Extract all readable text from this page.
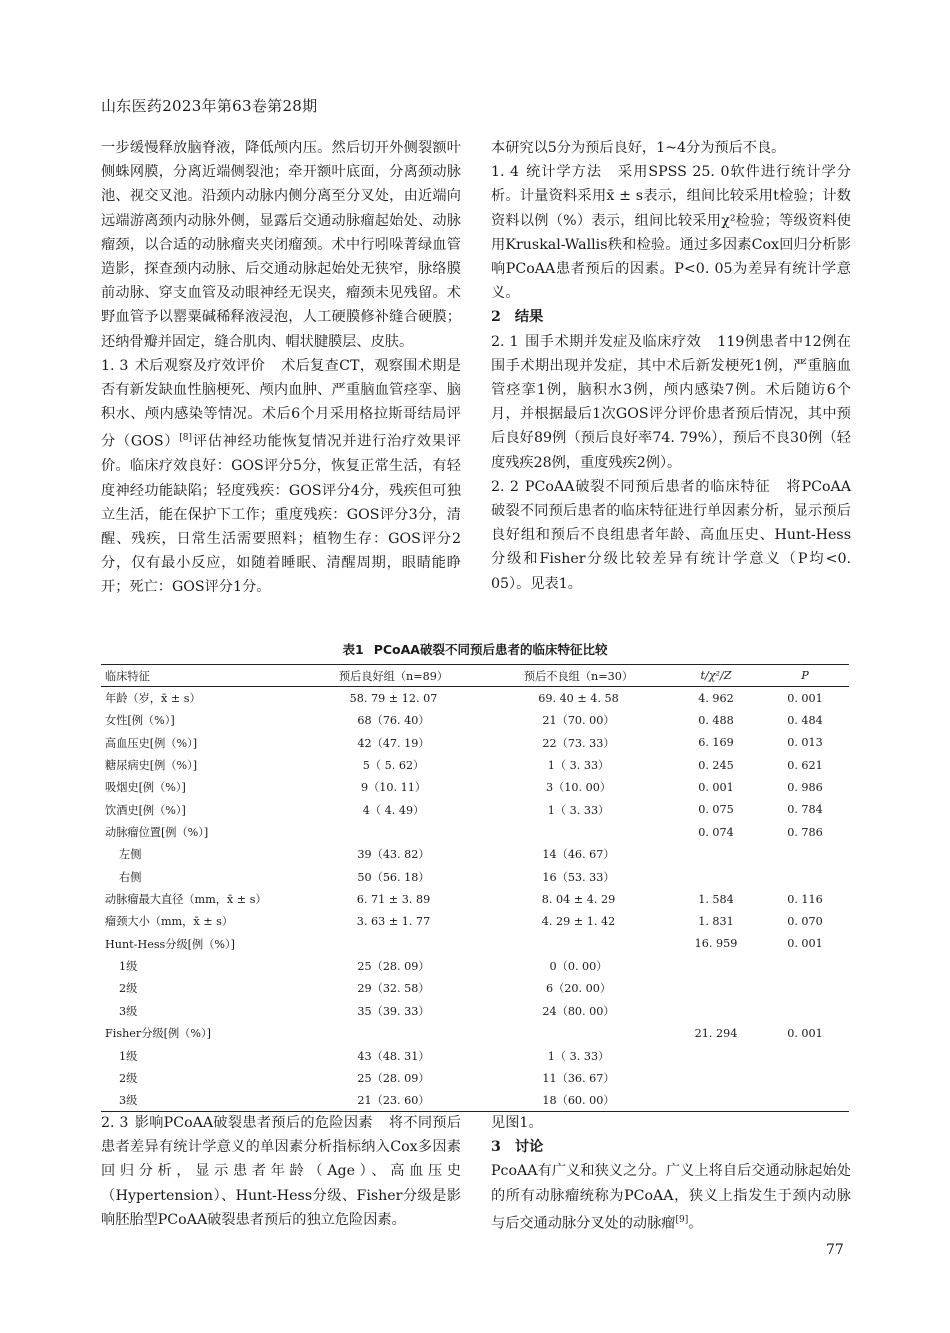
山东医药2023年第63卷第28期

一步缓慢释放脑脊液，降低颅内压。然后切开外侧裂额叶侧蛛网膜，分离近端侧裂池；牵开额叶底面，分离颈动脉池、视交叉池。沿颈内动脉内侧分离至分叉处，由近端向远端游离颈内动脉外侧，显露后交通动脉瘤起始处、动脉瘤颈，以合适的动脉瘤夹夹闭瘤颈。术中行吲哚菁绿血管造影，探查颈内动脉、后交通动脉起始处无狭窄，脉络膜前动脉、穿支血管及动眼神经无误夹，瘤颈未见残留。术野血管予以罂粟碱稀释液浸泡，人工硬膜修补缝合硬膜；还纳骨瓣并固定，缝合肌肉、帽状腱膜层、皮肤。

1. 3 术后观察及疗效评价 术后复查CT，观察围术期是否有新发缺血性脑梗死、颅内血肿、严重脑血管痉挛、脑积水、颅内感染等情况。术后6个月采用格拉斯哥结局评分（GOS）[8]评估神经功能恢复情况并进行治疗效果评价。临床疗效良好：GOS评分5分，恢复正常生活，有轻度神经功能缺陷；轻度残疾：GOS评分4分，残疾但可独立生活，能在保护下工作；重度残疾：GOS评分3分，清醒、残疾，日常生活需要照料；植物生存：GOS评分2分，仅有最小反应，如随着睡眠、清醒周期，眼睛能睁开；死亡：GOS评分1分。

本研究以5分为预后良好，1~4分为预后不良。

1. 4 统计学方法 采用SPSS 25. 0软件进行统计学分析。计量资料采用x̄ ± s表示，组间比较采用t检验；计数资料以例（%）表示，组间比较采用χ²检验；等级资料使用Kruskal-Wallis秩和检验。通过多因素Cox回归分析影响PCoAA患者预后的因素。P<0. 05为差异有统计学意义。

2 结果

2. 1 围手术期并发症及临床疗效 119例患者中12例在围手术期出现并发症，其中术后新发梗死1例，严重脑血管痉挛1例，脑积水3例，颅内感染7例。术后随访6个月，并根据最后1次GOS评分评价患者预后情况，其中预后良好89例（预后良好率74. 79%），预后不良30例（轻度残疾28例，重度残疾2例）。

2. 2 PCoAA破裂不同预后患者的临床特征 将PCoAA破裂不同预后患者的临床特征进行单因素分析，显示预后良好组和预后不良组患者年龄、高血压史、Hunt-Hess分级和Fisher分级比较差异有统计学意义（P均<0. 05）。见表1。

表1 PCoAA破裂不同预后患者的临床特征比较
临床特征	预后良好组（n=89）	预后不良组（n=30）	t/χ²/Z	P
年龄（岁，x̄ ± s）	58. 79 ± 12. 07	69. 40 ± 4. 58	4. 962	0. 001
女性[例（%）]	68（76. 40）	21（70. 00）	0. 488	0. 484
高血压史[例（%）]	42（47. 19）	22（73. 33）	6. 169	0. 013
糖尿病史[例（%）]	5（ 5. 62）	1（ 3. 33）	0. 245	0. 621
吸烟史[例（%）]	9（10. 11）	3（10. 00）	0. 001	0. 986
饮酒史[例（%）]	4（ 4. 49）	1（ 3. 33）	0. 075	0. 784
动脉瘤位置[例（%）]			0. 074	0. 786
左侧	39（43. 82）	14（46. 67）		
右侧	50（56. 18）	16（53. 33）		
动脉瘤最大直径（mm，x̄ ± s）	6. 71 ± 3. 89	8. 04 ± 4. 29	1. 584	0. 116
瘤颈大小（mm，x̄ ± s）	3. 63 ± 1. 77	4. 29 ± 1. 42	1. 831	0. 070
Hunt-Hess分级[例（%）]			16. 959	0. 001
1级	25（28. 09）	0（0. 00）		
2级	29（32. 58）	6（20. 00）		
3级	35（39. 33）	24（80. 00）		
Fisher分级[例（%）]			21. 294	0. 001
1级	43（48. 31）	1（ 3. 33）		
2级	25（28. 09）	11（36. 67）		
3级	21（23. 60）	18（60. 00）		

2. 3 影响PCoAA破裂患者预后的危险因素 将不同预后患者差异有统计学意义的单因素分析指标纳入Cox多因素回归分析，显示患者年龄（Age）、高血压史（Hypertension）、Hunt-Hess分级、Fisher分级是影响胚胎型PCoAA破裂患者预后的独立危险因素。

见图1。

3 讨论

PcoAA有广义和狭义之分。广义上将自后交通动脉起始处的所有动脉瘤统称为PCoAA，狭义上指发生于颈内动脉与后交通动脉分叉处的动脉瘤[9]。

77
